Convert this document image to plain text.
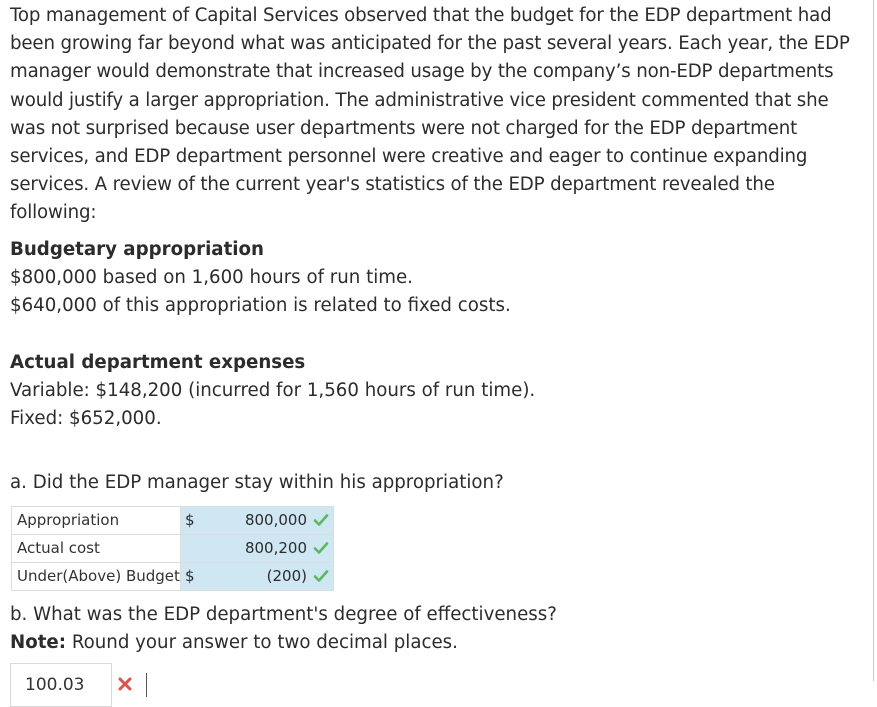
Top management of Capital Services observed that the budget for the EDP department had been growing far beyond what was anticipated for the past several years. Each year, the EDP manager would demonstrate that increased usage by the company’s non-EDP departments would justify a larger appropriation. The administrative vice president commented that she was not surprised because user departments were not charged for the EDP department services, and EDP department personnel were creative and eager to continue expanding services. A review of the current year's statistics of the EDP department revealed the following:

Budgetary appropriation

$800,000 based on 1,600 hours of run time.

$640,000 of this appropriation is related to fixed costs.

Actual department expenses

Variable: $148,200 (incurred for 1,560 hours of run time).

Fixed: $652,000.

a. Did the EDP manager stay within his appropriation?

Appropriation	$	800,000

Actual cost		800,200

Under(Above) Budget	$	(200)

b. What was the EDP department's degree of effectiveness?

Note: Round your answer to two decimal places.

100.03
